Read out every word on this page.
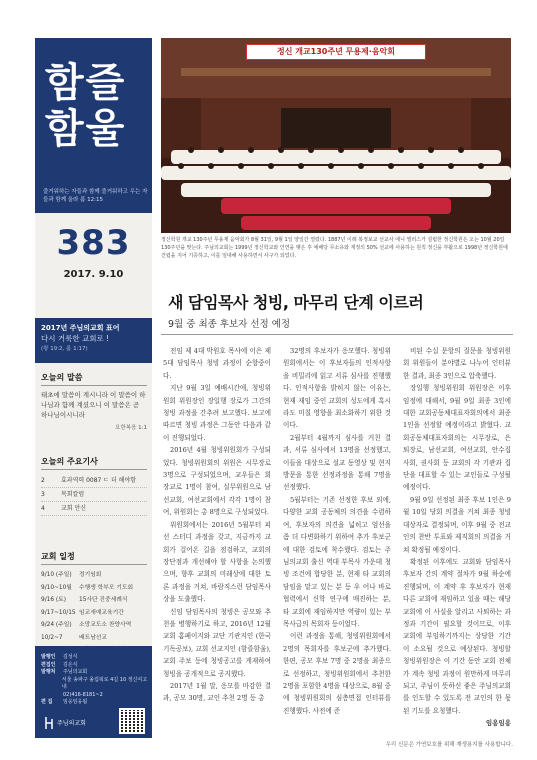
함즐 함울
즐거워하는 자들과 함께 즐거워하고 우는 자들과 함께 울라 롬 12:15
383
2017. 9.10
2017년 주님의교회 표어
다시 거룩한 교회로 !
(왕 19:2, 롬 1:17)
오늘의 말씀
태초에 말씀이 계시니라 이 말씀이 하나님과 함께 계셨으니 이 말씀은 곧 하나님이시니라
요한복음 1:1
오늘의 주요기사
2	효과역력 0087 ㄷ 더 해야함
3	목회칼럼
4	교회 안신
교회 일정
9/10 (주일)	정기임회
9/10~10월	수행생 학부모 기도회
9/16 (토)	15사단 진중세례식
9/17~10/15 임교새예교육기간
9/24 (주일)	소망교도소 찬양사역
10/2~7	배트남선교
발행인	김성식
편집인	김은식
발행처	주님의교회
서울 송파구 올림픽로 4길 10 정신여고 내
02)416-8181~2
편 집	임옹임옹됨
주님의교회
정신 개교130주년 무용제·음악회
정신학원 개교 130주년 무용제 음악회가 8월 31일, 9월 1일 양일간 열렸다. 1887년 이래 복정보교 선교사 애니 엘러스가 설립한 정신학원은 오는 10월 20일 130주년을 맞는다. 주님의교회는 1999년 정신학교와 인연을 맺은 후 예배당 무소유와 재정의 50% 선교에 사용하는 원칙 정신을 부활으로 1998년 정신학원에 건립을 지어 기증하고, 이를 임대해 사용하면서 사구가 되었다.
새 담임목사 청빙, 마무리 단계 이르러
9월 중 최종 후보자 선정 예정

전임 제 4대 박원호 목사에 이은 제5대 담임목사 청빙 과정이 순항중이다.

지난 9월 3일 예배시간에, 청빙위원회 위원장인 장일행 장로가 그간의 청빙 과정을 간추려 보고했다. 보고에 따르면 청빙 과정은 그동안 다음과 같이 진행되었다.

2016년 4월 청빙위원회가 구성되었다. 청빙위원회의 위원은 시무장로 3명으로 구성되었으며, 교우들은 회장교로 1명이 참여, 실무위원으로 남선교회, 여선교회에서 각각 1명이 참여, 위원회는 총 8명으로 구성되었다.

위원회에서는 2016년 5월부터 피선 스터디 과정을 갖고, 지금까지 교회가 걸어온 길을 점검하고, 교회의 장단점과 개선해야 할 사항을 논의했으며, 향후 교회의 미래상에 대한 토론 과정을 거쳐, 바람직스런 담임목사상을 도출했다.

신임 담임목사의 청빙은 공모와 추천을 병행하기로 하고, 2016년 12월 교회 홈페이지와 교단 기관지인 (한국기독공보), 교회 선교지인 (함즐함울), 교회 주보 등에 청빙공고를 게재하여 청빙을 공개적으로 공지했다.

2017년 1월 말, 응모를 마감한 결과, 공모 30명, 교인 추천 2명 등 총

32명의 후보자가 응모했다. 청빙위원회에서는 이 후보자들의 인적사항을 비밀리에 읽고 서류 심사를 진행했다. 인적사항을 밝히지 않는 이유는, 현재 재임 중인 교회의 성도에게 혹시라도 미칠 영향을 최소화하기 위한 것이다.

2월부터 4월까지 심사를 거친 결과, 서류 심사에서 13명을 선정했고, 이들을 대상으로 설교 동영상 및 현지 방문을 통한 선정과정을 통해 7명을 선정했다.

5월부터는 기존 선정한 후보 외에, 다양한 교회 공동체의 의견을 수렴하여, 후보자의 의견을 넓히고 엄선을 좀 더 다변화하기 위하여 추가 후보군에 대한 검토에 착수했다. 검토는 주님의교회 출신 역대 부목사 가운데 청빙 조건에 합당한 분, 현재 타 교회의 담임을 맡고 있는 분 등 우 어나 바로 협력에서 신학 연구에 매진하는 분, 타 교회에 재임하지만 역량이 있는 부목사급의 목회자 등이었다.

이런 과정을 통해, 청빙위원회에서 2명의 목회자를 후보군에 추가했다. 한편, 공모 후보 7명 중 2명을 최종으로 선정하고, 청빙위원회에서 추천한 2명을 포함한 4명을 대상으로, 8월 중에 청빙위원회의 심층면접 인터뷰를 진행했다. 사전에 준

비된 수십 문항의 질문을 청빙위원회 위원들이 분야별로 나누어 인터뷰한 결과, 최종 3인으로 압축했다.

장일행 청빙위원회 위원장은 이후 임정에 대해서, 9월 9일 최종 3인에 대한 교회공동체대표자회의에서 최종 1인을 선정할 예정이라고 밝혔다. 교회공동체대표자회의는 시무장로, 은퇴장로, 남선교회, 여선교회, 안수집사회, 권사회 등 교회의 각 기관과 집단을 대표할 수 있는 교인들로 구성될 예정이다.

9월 9일 선정된 최종 후보 1인은 9월 10일 당회 의결을 거쳐 최종 청빙 대상자로 결정되며, 이후 9월 중 전교인의 찬반 투표와 제직회의 의결을 거쳐 확정될 예정이다.

확정된 이후에도 교회와 담임목사 후보자 간의 계약 절차가 9월 하순에 진행되며, 이 계약 후 후보자가 현재 다른 교회에 재임하고 있을 때는 해당 교회에 이 사실을 알리고 사퇴하는 과정과 기간이 필요할 것이므로, 이후 교회에 부임하기까지는 상당한 기간이 소요될 것으로 예상된다. 청빙할 청빙위원장은 이 기간 동안 교회 전체가 계속 청빙 과정이 원만하게 마무리되고, 주님이 뜻하신 좋은 주님의교회를 인도할 수 있도록 전 교인의 한 몫 된 기도를 요청했다.

임옹임옹
우리 신문은 가연보호를 위해 재생용지를 사용합니다.
